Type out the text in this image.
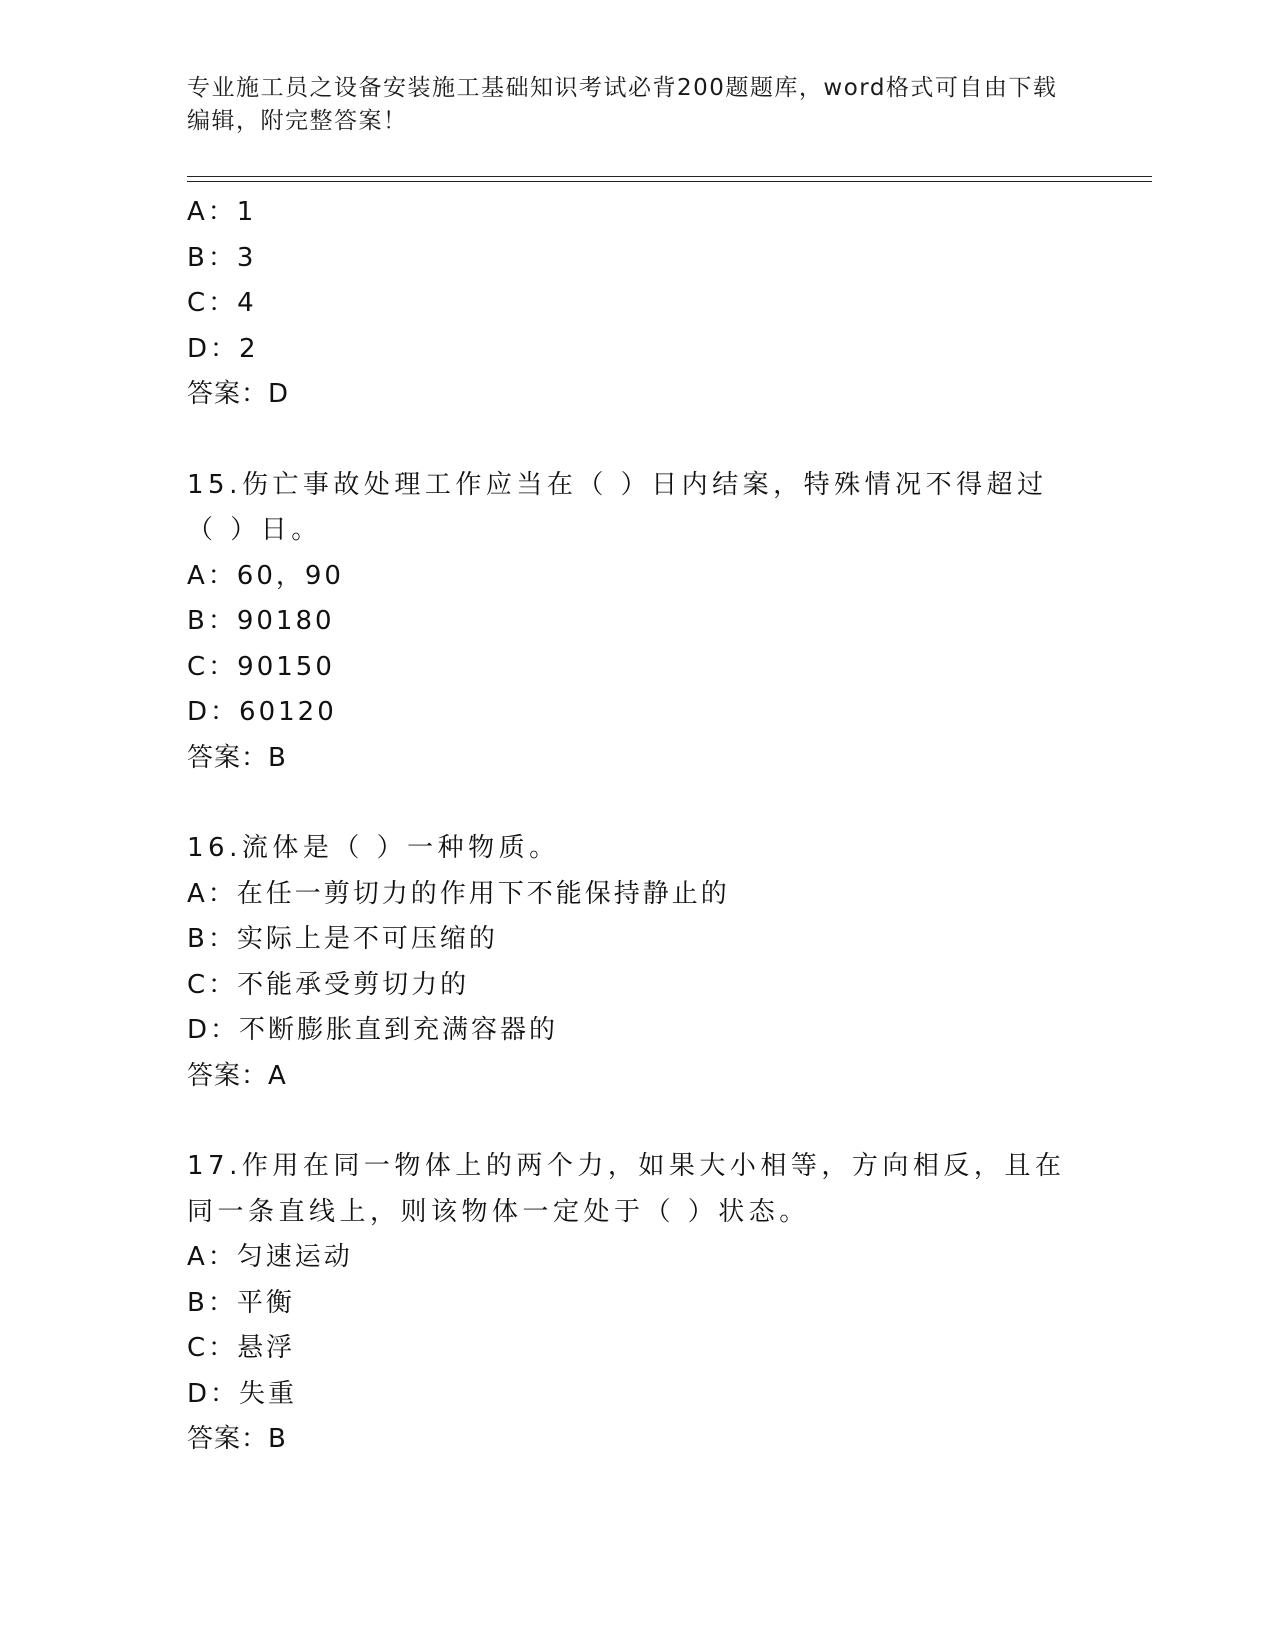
专业施工员之设备安装施工基础知识考试必背200题题库，word格式可自由下载编辑，附完整答案！
A：1
B：3
C：4
D：2
答案：D
15.伤亡事故处理工作应当在（ ）日内结案，特殊情况不得超过（ ）日。
A：60，90
B：90180
C：90150
D：60120
答案：B
16.流体是（ ）一种物质。
A：在任一剪切力的作用下不能保持静止的
B：实际上是不可压缩的
C：不能承受剪切力的
D：不断膨胀直到充满容器的
答案：A
17.作用在同一物体上的两个力，如果大小相等，方向相反，且在同一条直线上，则该物体一定处于（ ）状态。
A：匀速运动
B：平衡
C：悬浮
D：失重
答案：B
